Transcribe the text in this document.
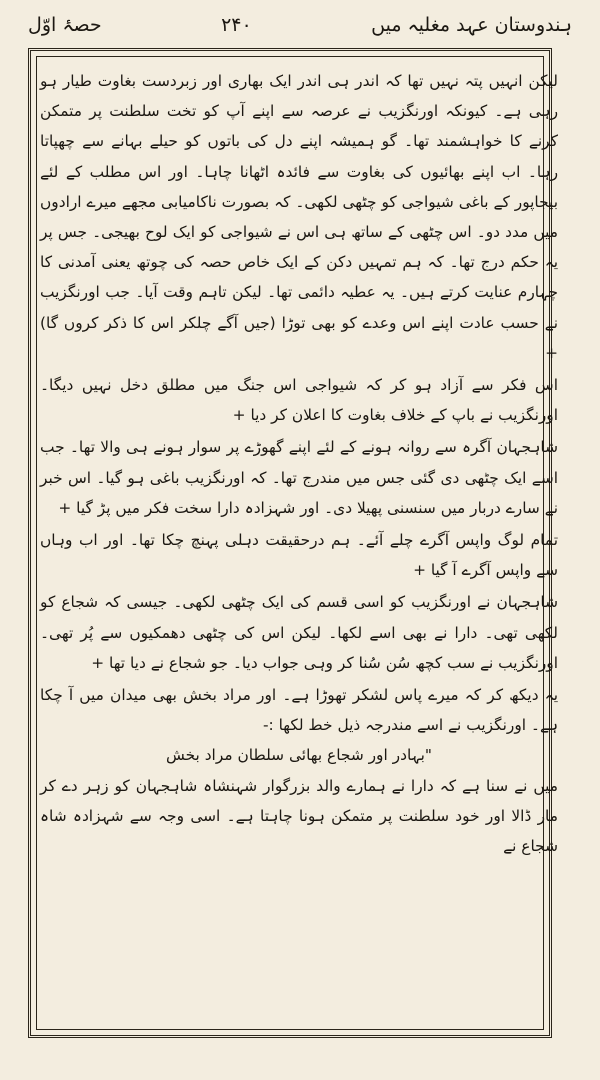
ہندوستان عہد مغلیہ میں
۲۴۰
حصۂ اوّل

لیکن انہیں پتہ نہیں تھا کہ اندر ہی اندر ایک بھاری اور زبردست بغاوت طیار ہو رہی ہے۔ کیونکہ اورنگزیب نے عرصہ سے اپنے آپ کو تخت سلطنت پر متمکن کرنے کا خواہشمند تھا۔ گو ہمیشہ اپنے دل کی باتوں کو حیلے بہانے سے چھپاتا رہا۔ اب اپنے بھائیوں کی بغاوت سے فائدہ اٹھانا چاہا۔ اور اس مطلب کے لئے بیجاپور کے باغی شیواجی کو چٹھی لکھی۔ کہ بصورت ناکامیابی مجھے میرے ارادوں میں مدد دو۔ اس چٹھی کے ساتھ ہی اس نے شیواجی کو ایک لوح بھیجی۔ جس پر یہ حکم درج تھا۔ کہ ہم تمہیں دکن کے ایک خاص حصہ کی چوتھ یعنی آمدنی کا چہارم عنایت کرتے ہیں۔ یہ عطیہ دائمی تھا۔ لیکن تاہم وقت آیا۔ جب اورنگزیب نے حسب عادت اپنے اس وعدے کو بھی توڑا (جیں آگے چلکر اس کا ذکر کروں گا) +

اس فکر سے آزاد ہو کر کہ شیواجی اس جنگ میں مطلق دخل نہیں دیگا۔ اورنگزیب نے باپ کے خلاف بغاوت کا اعلان کر دیا +

شاہجہان آگرہ سے روانہ ہونے کے لئے اپنے گھوڑے پر سوار ہونے ہی والا تھا۔ جب اسے ایک چٹھی دی گئی جس میں مندرج تھا۔ کہ اورنگزیب باغی ہو گیا۔ اس خبر نے سارے دربار میں سنسنی پھیلا دی۔ اور شہزادہ دارا سخت فکر میں پڑ گیا +

تمام لوگ واپس آگرے چلے آئے۔ ہم درحقیقت دہلی پہنچ چکا تھا۔ اور اب وہاں سے واپس آگرے آ گیا +

شاہجہان نے اورنگزیب کو اسی قسم کی ایک چٹھی لکھی۔ جیسی کہ شجاع کو لکھی تھی۔ دارا نے بھی اسے لکھا۔ لیکن اس کی چٹھی دھمکیوں سے پُر تھی۔ اورنگزیب نے سب کچھ سُن سُنا کر وہی جواب دیا۔ جو شجاع نے دیا تھا +

یہ دیکھ کر کہ میرے پاس لشکر تھوڑا ہے۔ اور مراد بخش بھی میدان میں آ چکا ہے۔ اورنگزیب نے اسے مندرجہ ذیل خط لکھا :-

"بہادر اور شجاع بھائی سلطان مراد بخش

میں نے سنا ہے کہ دارا نے ہمارے والد بزرگوار شہنشاہ شاہجہان کو زہر دے کر مار ڈالا اور خود سلطنت پر متمکن ہونا چاہتا ہے۔ اسی وجہ سے شہزادہ شاہ شجاع نے
